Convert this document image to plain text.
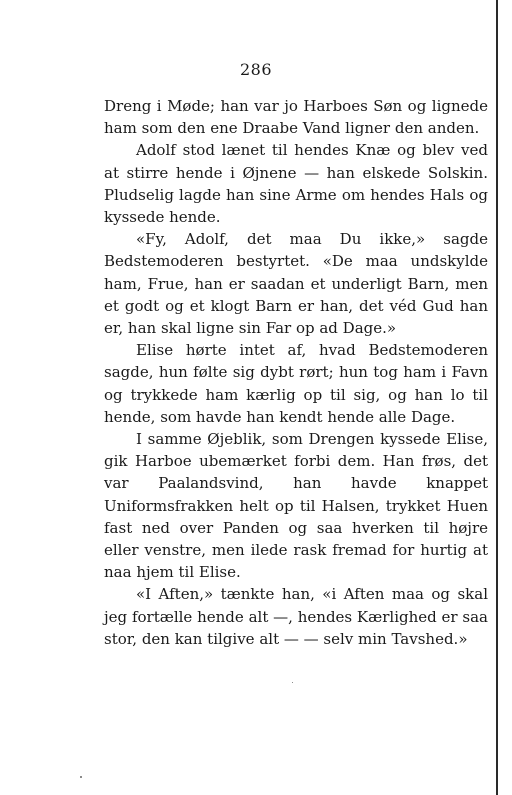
286

Dreng i Møde; han var jo Harboes Søn og lignede ham som den ene Draabe Vand ligner den anden.

Adolf stod lænet til hendes Knæ og blev ved at stirre hende i Øjnene — han elskede Solskin. Pludselig lagde han sine Arme om hendes Hals og kyssede hende.

«Fy, Adolf, det maa Du ikke,» sagde Bedstemoderen bestyrtet. «De maa undskylde ham, Frue, han er saadan et underligt Barn, men et godt og et klogt Barn er han, det véd Gud han er, han skal ligne sin Far op ad Dage.»

Elise hørte intet af, hvad Bedstemoderen sagde, hun følte sig dybt rørt; hun tog ham i Favn og trykkede ham kærlig op til sig, og han lo til hende, som havde han kendt hende alle Dage.

I samme Øjeblik, som Drengen kyssede Elise, gik Harboe ubemærket forbi dem. Han frøs, det var Paalandsvind, han havde knappet Uniformsfrakken helt op til Halsen, trykket Huen fast ned over Panden og saa hverken til højre eller venstre, men ilede rask fremad for hurtig at naa hjem til Elise.

«I Aften,» tænkte han, «i Aften maa og skal jeg fortælle hende alt —, hendes Kærlighed er saa stor, den kan tilgive alt — — selv min Tavshed.»
